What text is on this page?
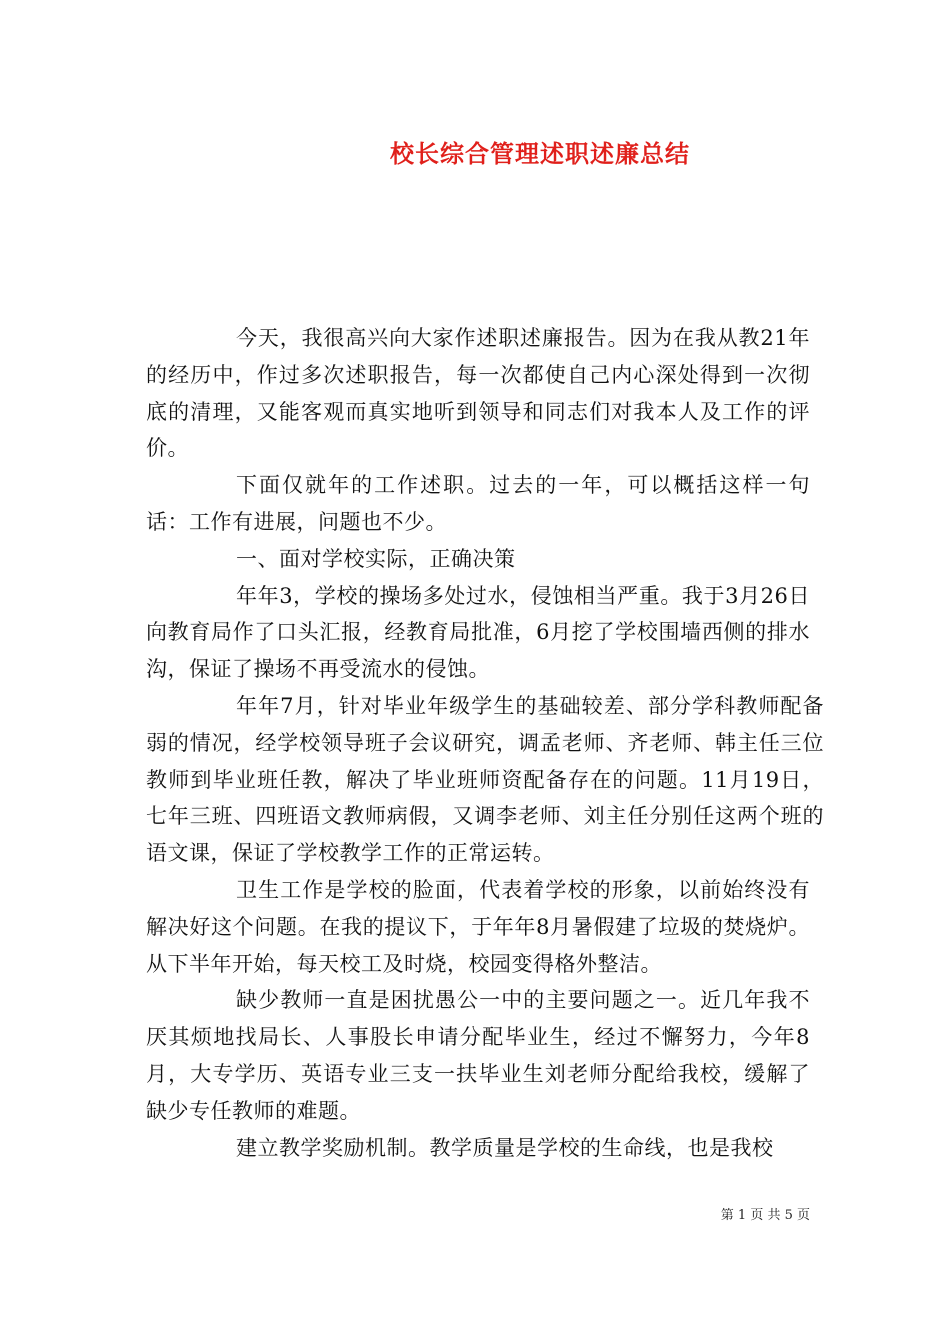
校长综合管理述职述廉总结

今天，我很高兴向大家作述职述廉报告。因为在我从教21年的经历中，作过多次述职报告，每一次都使自己内心深处得到一次彻底的清理，又能客观而真实地听到领导和同志们对我本人及工作的评价。

下面仅就年的工作述职。过去的一年，可以概括这样一句话：工作有进展，问题也不少。

一、面对学校实际，正确决策

年年3，学校的操场多处过水，侵蚀相当严重。我于3月26日向教育局作了口头汇报，经教育局批准，6月挖了学校围墙西侧的排水沟，保证了操场不再受流水的侵蚀。

年年7月，针对毕业年级学生的基础较差、部分学科教师配备弱的情况，经学校领导班子会议研究，调孟老师、齐老师、韩主任三位教师到毕业班任教，解决了毕业班师资配备存在的问题。11月19日，七年三班、四班语文教师病假，又调李老师、刘主任分别任这两个班的语文课，保证了学校教学工作的正常运转。

卫生工作是学校的脸面，代表着学校的形象，以前始终没有解决好这个问题。在我的提议下，于年年8月暑假建了垃圾的焚烧炉。从下半年开始，每天校工及时烧，校园变得格外整洁。

缺少教师一直是困扰愚公一中的主要问题之一。近几年我不厌其烦地找局长、人事股长申请分配毕业生，经过不懈努力，今年8月，大专学历、英语专业三支一扶毕业生刘老师分配给我校，缓解了缺少专任教师的难题。

建立教学奖励机制。教学质量是学校的生命线，也是我校

第 1 页 共 5 页
